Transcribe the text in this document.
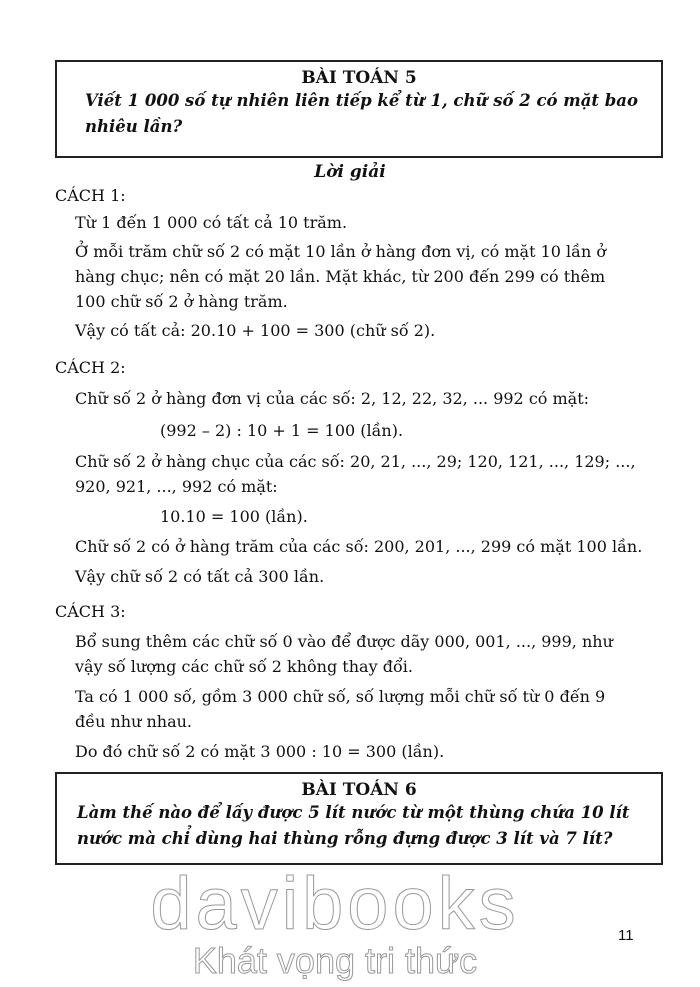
BÀI TOÁN 5
Viết 1 000 số tự nhiên liên tiếp kể từ 1, chữ số 2 có mặt bao
nhiêu lần?
Lời giải
CÁCH 1:
Từ 1 đến 1 000 có tất cả 10 trăm.
Ở mỗi trăm chữ số 2 có mặt 10 lần ở hàng đơn vị, có mặt 10 lần ở
hàng chục; nên có mặt 20 lần. Mặt khác, từ 200 đến 299 có thêm
100 chữ số 2 ở hàng trăm.
Vậy có tất cả: 20.10 + 100 = 300 (chữ số 2).
CÁCH 2:
Chữ số 2 ở hàng đơn vị của các số: 2, 12, 22, 32, ... 992 có mặt:
(992 – 2) : 10 + 1 = 100 (lần).
Chữ số 2 ở hàng chục của các số: 20, 21, ..., 29; 120, 121, ..., 129; ...,
920, 921, ..., 992 có mặt:
10.10 = 100 (lần).
Chữ số 2 có ở hàng trăm của các số: 200, 201, ..., 299 có mặt 100 lần.
Vậy chữ số 2 có tất cả 300 lần.
CÁCH 3:
Bổ sung thêm các chữ số 0 vào để được dãy 000, 001, ..., 999, như
vậy số lượng các chữ số 2 không thay đổi.
Ta có 1 000 số, gồm 3 000 chữ số, số lượng mỗi chữ số từ 0 đến 9
đều như nhau.
Do đó chữ số 2 có mặt 3 000 : 10 = 300 (lần).
BÀI TOÁN 6
Làm thế nào để lấy được 5 lít nước từ một thùng chứa 10 lít
nước mà chỉ dùng hai thùng rỗng đựng được 3 lít và 7 lít?
davibooks
Khát vọng tri thức
11
